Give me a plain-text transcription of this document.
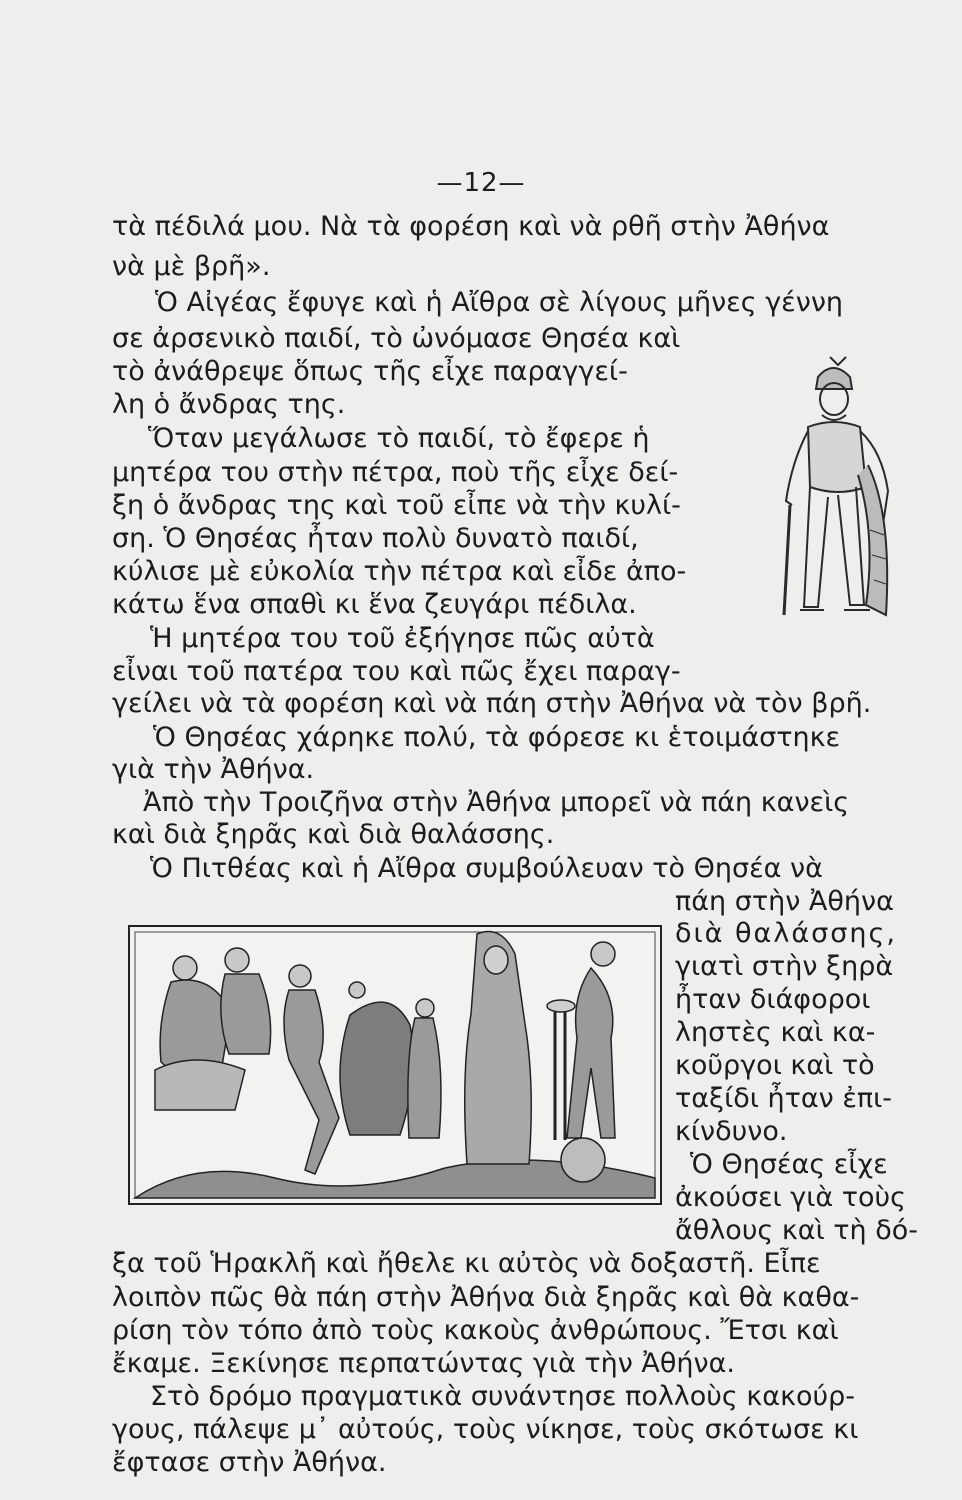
—12—
τὰ πέδιλά μου. Νὰ τὰ φορέση καὶ νὰ ρθῆ στὴν Ἀθήνα
νὰ μὲ βρῆ».
Ὁ Αἰγέας ἔφυγε καὶ ἡ Αἴθρα σὲ λίγους μῆνες γέννη
σε ἀρσενικὸ παιδί, τὸ ὠνόμασε Θησέα καὶ
τὸ ἀνάθρεψε ὅπως τῆς εἶχε παραγγεί-
λη ὁ ἄνδρας της.
Ὅταν μεγάλωσε τὸ παιδί, τὸ ἔφερε ἡ
μητέρα του στὴν πέτρα, ποὺ τῆς εἶχε δεί-
ξη ὁ ἄνδρας της καὶ τοῦ εἶπε νὰ τὴν κυλί-
ση. Ὁ Θησέας ἦταν πολὺ δυνατὸ παιδί,
κύλισε μὲ εὐκολία τὴν πέτρα καὶ εἶδε ἀπο-
κάτω ἕνα σπαθὶ κι ἕνα ζευγάρι πέδιλα.
Ἡ μητέρα του τοῦ ἐξήγησε πῶς αὐτὰ
εἶναι τοῦ πατέρα του καὶ πῶς ἔχει παραγ-
γείλει νὰ τὰ φορέση καὶ νὰ πάη στὴν Ἀθήνα νὰ τὸν βρῆ.
Ὁ Θησέας χάρηκε πολύ, τὰ φόρεσε κι ἑτοιμάστηκε
γιὰ τὴν Ἀθήνα.
Ἀπὸ τὴν Τροιζῆνα στὴν Ἀθήνα μπορεῖ νὰ πάη κανεὶς
καὶ διὰ ξηρᾶς καὶ διὰ θαλάσσης.
Ὁ Πιτθέας καὶ ἡ Αἴθρα συμβούλευαν τὸ Θησέα νὰ
πάη στὴν Ἀθήνα
διὰ θαλάσσης,
γιατὶ στὴν ξηρὰ
ἦταν διάφοροι
ληστὲς καὶ κα-
κοῦργοι καὶ τὸ
ταξίδι ἦταν ἐπι-
κίνδυνο.
Ὁ Θησέας εἶχε
ἀκούσει γιὰ τοὺς
ἄθλους καὶ τὴ δό-
ξα τοῦ Ἡρακλῆ καὶ ἤθελε κι αὐτὸς νὰ δοξαστῆ. Εἶπε
λοιπὸν πῶς θὰ πάη στὴν Ἀθήνα διὰ ξηρᾶς καὶ θὰ καθα-
ρίση τὸν τόπο ἀπὸ τοὺς κακοὺς ἀνθρώπους. Ἔτσι καὶ
ἔκαμε. Ξεκίνησε περπατώντας γιὰ τὴν Ἀθήνα.
Στὸ δρόμο πραγματικὰ συνάντησε πολλοὺς κακούρ-
γους, πάλεψε μ᾽ αὐτούς, τοὺς νίκησε, τοὺς σκότωσε κι
ἔφτασε στὴν Ἀθήνα.
